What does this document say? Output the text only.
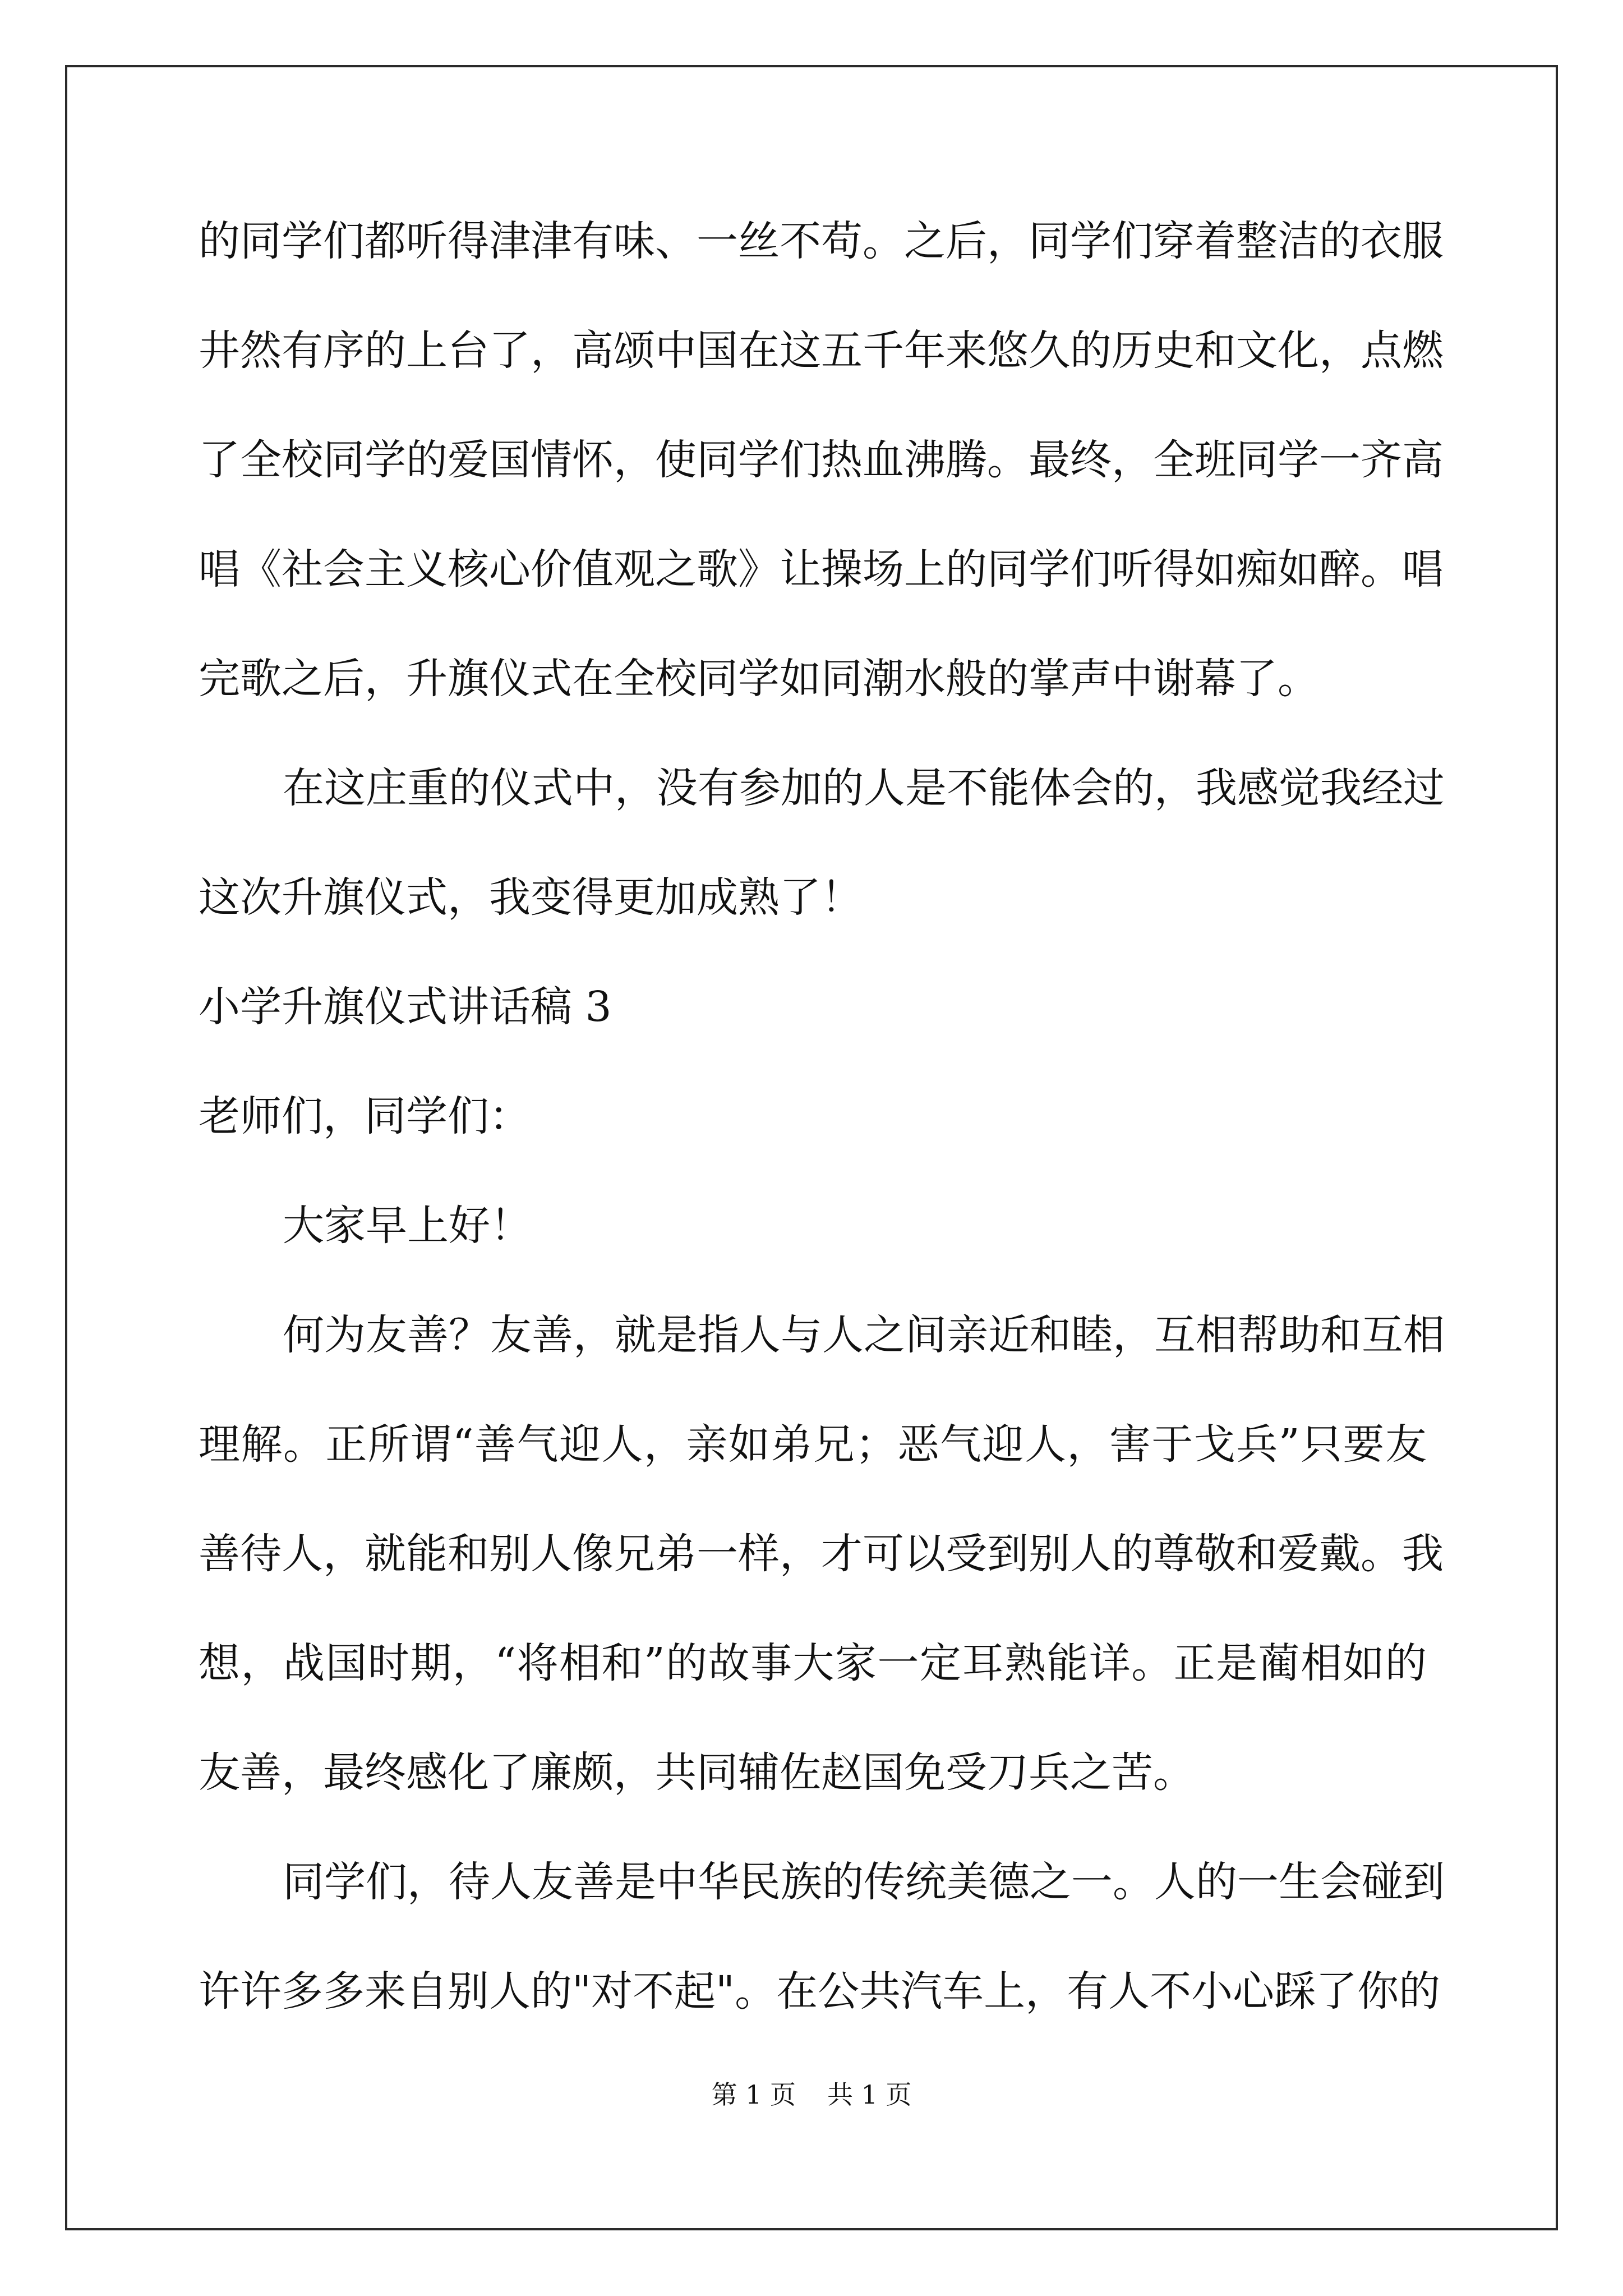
的同学们都听得津津有味、一丝不苟。之后，同学们穿着整洁的衣服
井然有序的上台了，高颂中国在这五千年来悠久的历史和文化，点燃
了全校同学的爱国情怀，使同学们热血沸腾。最终，全班同学一齐高
唱《社会主义核心价值观之歌》让操场上的同学们听得如痴如醉。唱
完歌之后，升旗仪式在全校同学如同潮水般的掌声中谢幕了。
在这庄重的仪式中，没有参加的人是不能体会的，我感觉我经过
这次升旗仪式，我变得更加成熟了！
小学升旗仪式讲话稿 3
老师们，同学们：
大家早上好！
何为友善？友善，就是指人与人之间亲近和睦，互相帮助和互相
理解。正所谓“善气迎人，亲如弟兄；恶气迎人，害于戈兵”只要友
善待人，就能和别人像兄弟一样，才可以受到别人的尊敬和爱戴。我
想，战国时期，“将相和”的故事大家一定耳熟能详。正是蔺相如的
友善，最终感化了廉颇，共同辅佐赵国免受刀兵之苦。
同学们，待人友善是中华民族的传统美德之一。人的一生会碰到
许许多多来自别人的"对不起"。在公共汽车上，有人不小心踩了你的
第 1 页 共 1 页
